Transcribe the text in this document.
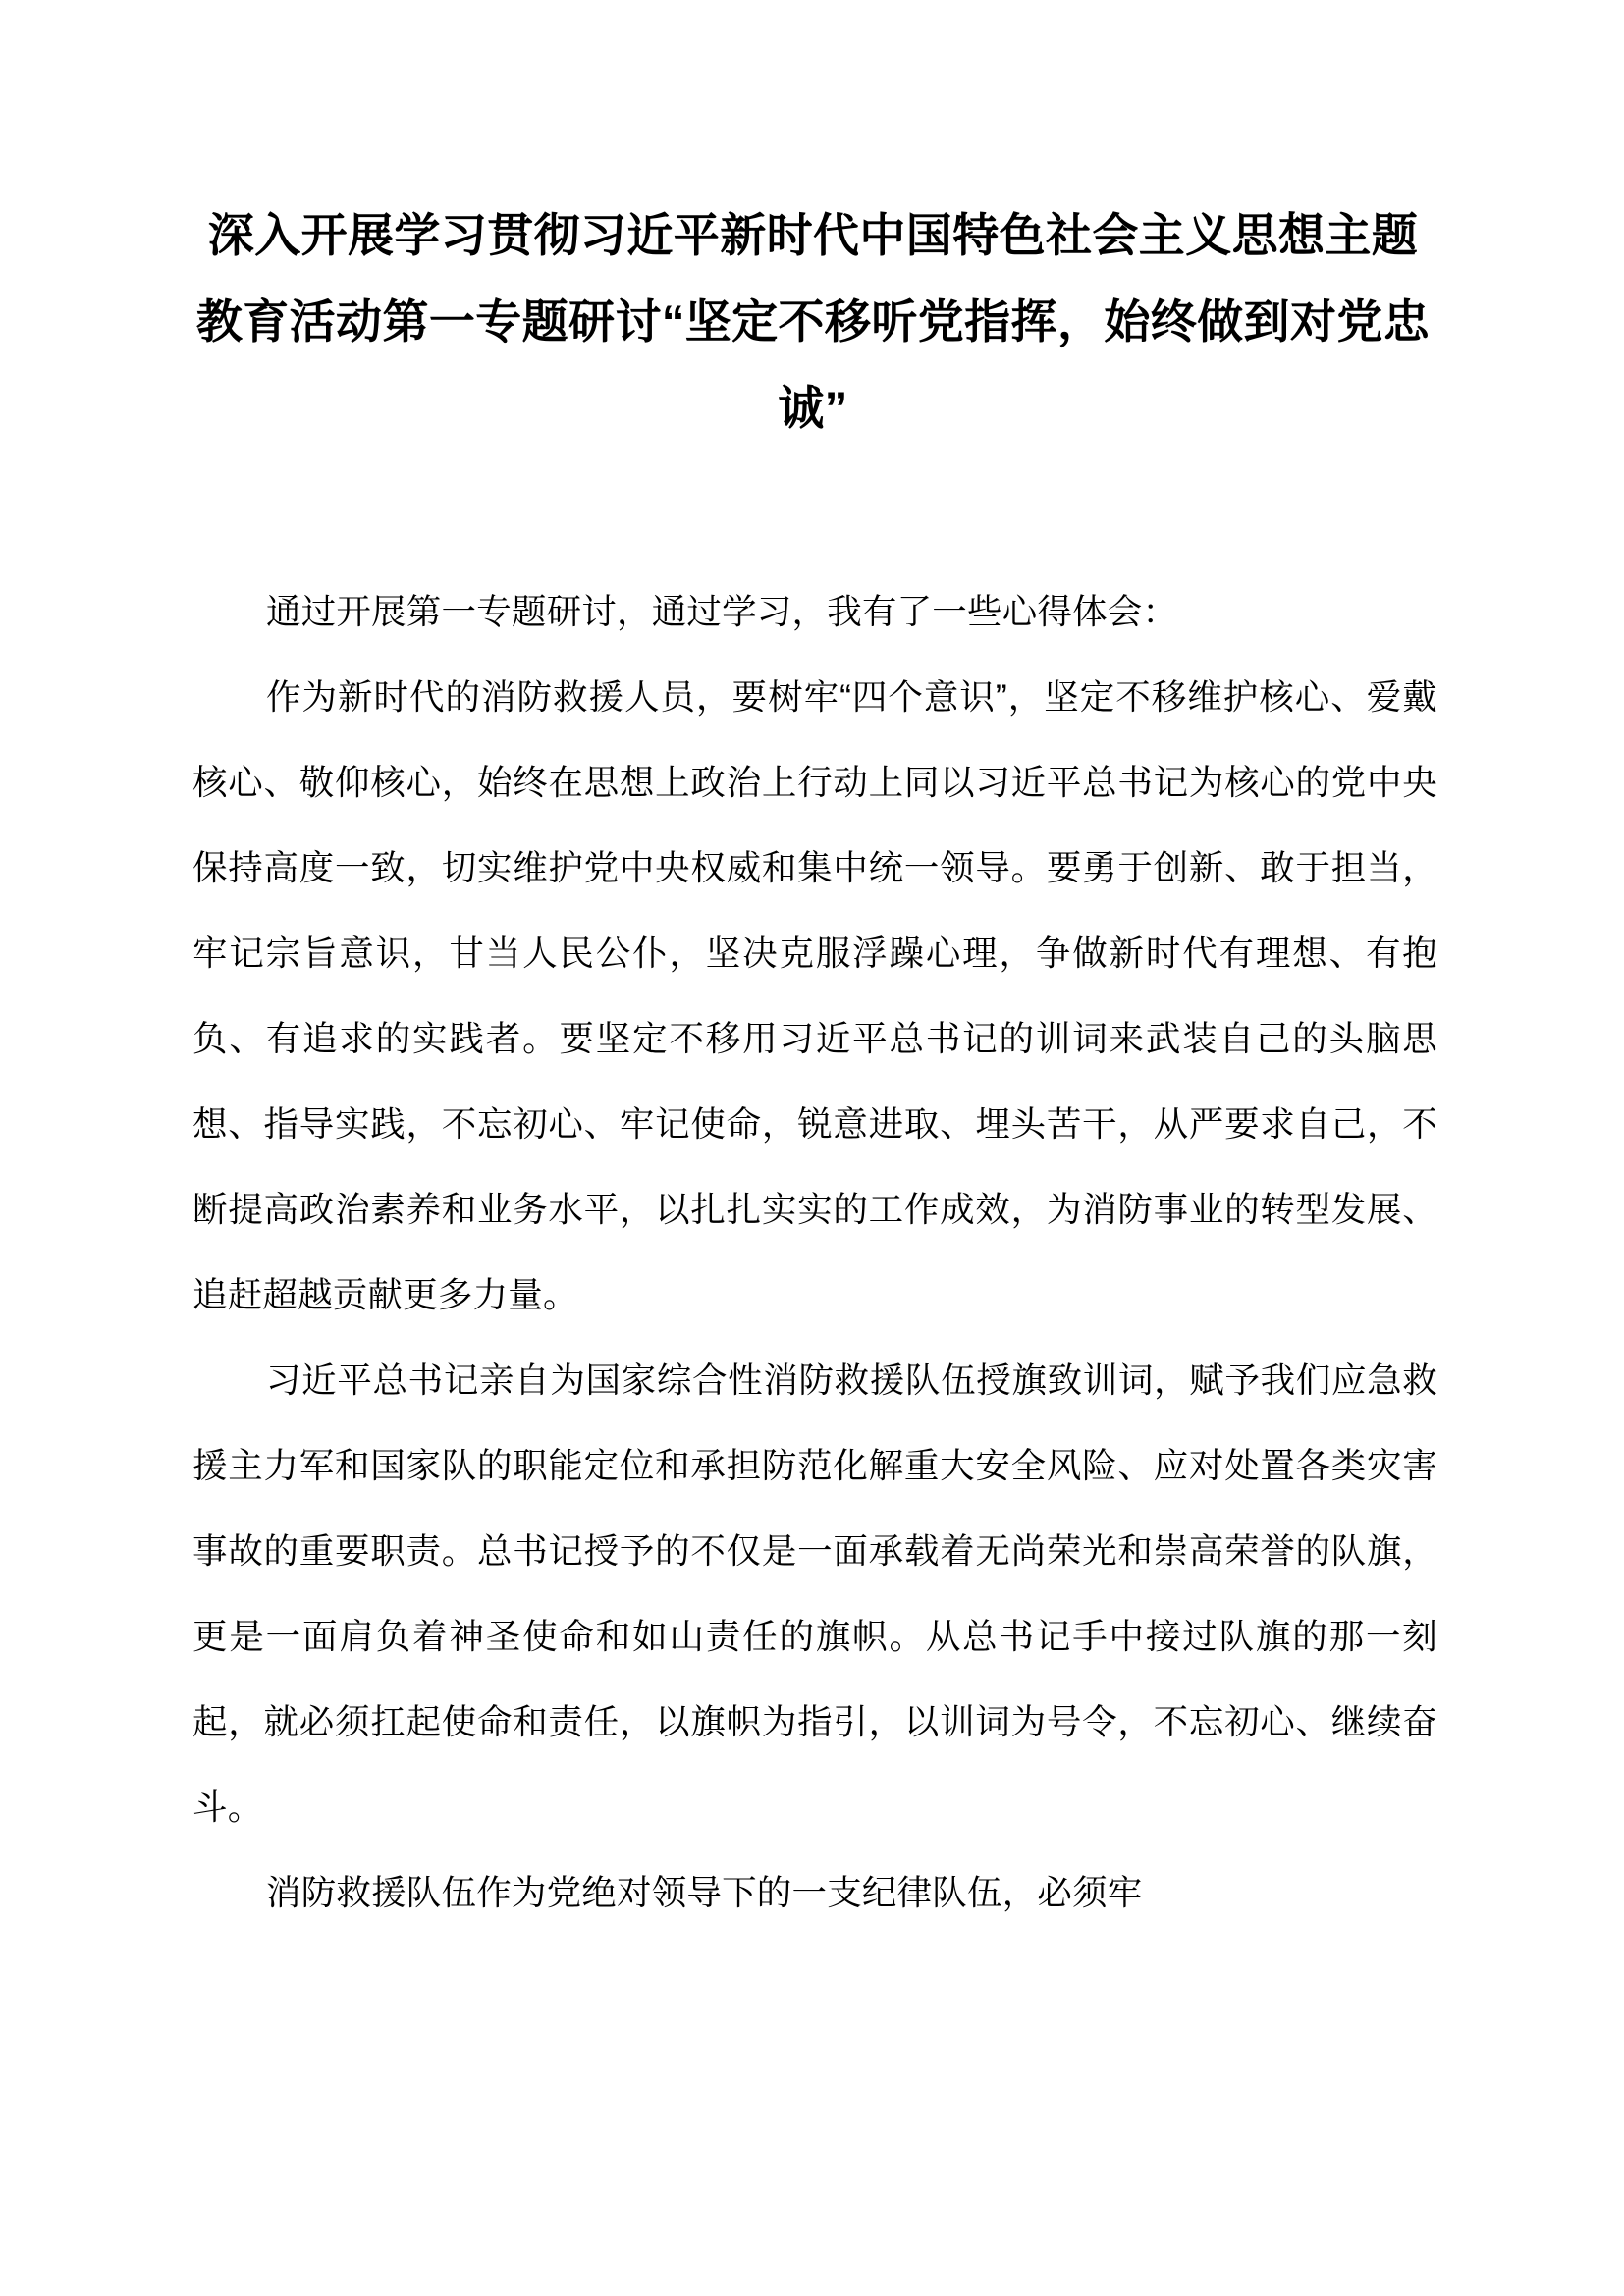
深入开展学习贯彻习近平新时代中国特色社会主义思想主题教育活动第一专题研讨“坚定不移听党指挥，始终做到对党忠诚”

通过开展第一专题研讨，通过学习，我有了一些心得体会：

作为新时代的消防救援人员，要树牢“四个意识”，坚定不移维护核心、爱戴核心、敬仰核心，始终在思想上政治上行动上同以习近平总书记为核心的党中央保持高度一致，切实维护党中央权威和集中统一领导。要勇于创新、敢于担当，牢记宗旨意识，甘当人民公仆，坚决克服浮躁心理，争做新时代有理想、有抱负、有追求的实践者。要坚定不移用习近平总书记的训词来武装自己的头脑思想、指导实践，不忘初心、牢记使命，锐意进取、埋头苦干，从严要求自己，不断提高政治素养和业务水平，以扎扎实实的工作成效，为消防事业的转型发展、追赶超越贡献更多力量。

习近平总书记亲自为国家综合性消防救援队伍授旗致训词，赋予我们应急救援主力军和国家队的职能定位和承担防范化解重大安全风险、应对处置各类灾害事故的重要职责。总书记授予的不仅是一面承载着无尚荣光和崇高荣誉的队旗，更是一面肩负着神圣使命和如山责任的旗帜。从总书记手中接过队旗的那一刻起，就必须扛起使命和责任，以旗帜为指引，以训词为号令，不忘初心、继续奋斗。

消防救援队伍作为党绝对领导下的一支纪律队伍，必须牢
